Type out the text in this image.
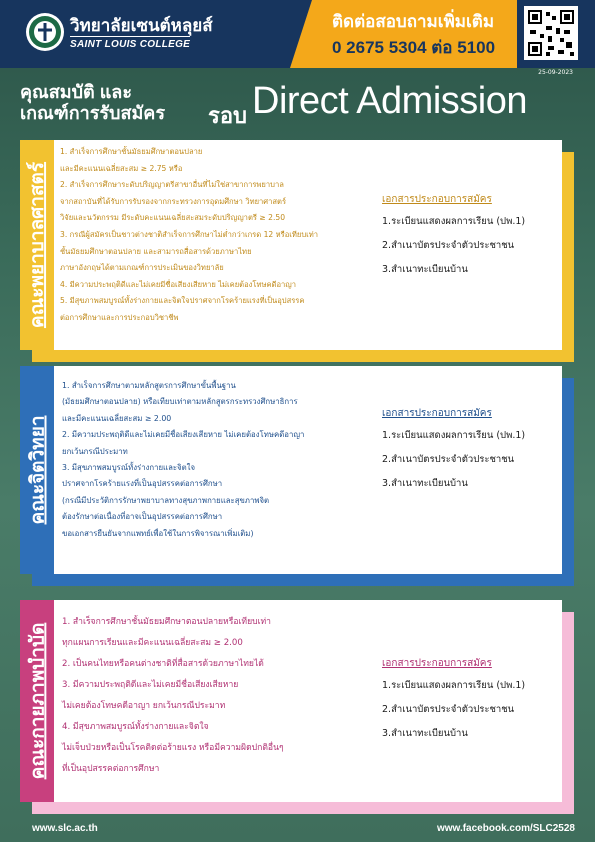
วิทยาลัยเซนต์หลุยส์
SAINT LOUIS COLLEGE
ติดต่อสอบถามเพิ่มเติม
0 2675 5304 ต่อ 5100
25-09-2023
คุณสมบัติ และ
เกณฑ์การรับสมัคร	รอบ Direct Admission
คณะพยาบาลศาสตร์
1. สำเร็จการศึกษาชั้นมัธยมศึกษาตอนปลาย
และมีคะแนนเฉลี่ยสะสม ≥ 2.75 หรือ
2. สำเร็จการศึกษาระดับปริญญาตรีสาขาอื่นที่ไม่ใช่สาขาการพยาบาล
จากสถาบันที่ได้รับการรับรองจากกระทรวงการอุดมศึกษา วิทยาศาสตร์
วิจัยและนวัตกรรม มีระดับคะแนนเฉลี่ยสะสมระดับปริญญาตรี ≥ 2.50
3. กรณีผู้สมัครเป็นชาวต่างชาติสำเร็จการศึกษาไม่ต่ำกว่าเกรด 12 หรือเทียบเท่า
ชั้นมัธยมศึกษาตอนปลาย และสามารถสื่อสารด้วยภาษาไทย
ภาษาอังกฤษได้ตามเกณฑ์การประเมินของวิทยาลัย
4. มีความประพฤติดีและไม่เคยมีชื่อเสียงเสียหาย ไม่เคยต้องโทษคดีอาญา
5. มีสุขภาพสมบูรณ์ทั้งร่างกายและจิตใจปราศจากโรคร้ายแรงที่เป็นอุปสรรค
ต่อการศึกษาและการประกอบวิชาชีพ
เอกสารประกอบการสมัคร
1.ระเบียนแสดงผลการเรียน (ปพ.1)
2.สำเนาบัตรประจำตัวประชาชน
3.สำเนาทะเบียนบ้าน
คณะจิตวิทยา
1. สำเร็จการศึกษาตามหลักสูตรการศึกษาขั้นพื้นฐาน
(มัธยมศึกษาตอนปลาย) หรือเทียบเท่าตามหลักสูตรกระทรวงศึกษาธิการ
และมีคะแนนเฉลี่ยสะสม ≥ 2.00
2. มีความประพฤติดีและไม่เคยมีชื่อเสียงเสียหาย ไม่เคยต้องโทษคดีอาญา
ยกเว้นกรณีประมาท
3. มีสุขภาพสมบูรณ์ทั้งร่างกายและจิตใจ
ปราศจากโรคร้ายแรงที่เป็นอุปสรรคต่อการศึกษา
(กรณีมีประวัติการรักษาพยาบาลทางสุขภาพกายและสุขภาพจิต
ต้องรักษาต่อเนื่องที่อาจเป็นอุปสรรคต่อการศึกษา
ขอเอกสารยืนยันจากแพทย์เพื่อใช้ในการพิจารณาเพิ่มเติม)
เอกสารประกอบการสมัคร
1.ระเบียนแสดงผลการเรียน (ปพ.1)
2.สำเนาบัตรประจำตัวประชาชน
3.สำเนาทะเบียนบ้าน
คณะกายภาพบำบัด
1. สำเร็จการศึกษาชั้นมัธยมศึกษาตอนปลายหรือเทียบเท่า
ทุกแผนการเรียนและมีคะแนนเฉลี่ยสะสม ≥ 2.00
2. เป็นคนไทยหรือคนต่างชาติที่สื่อสารด้วยภาษาไทยได้
3. มีความประพฤติดีและไม่เคยมีชื่อเสียงเสียหาย
ไม่เคยต้องโทษคดีอาญา ยกเว้นกรณีประมาท
4. มีสุขภาพสมบูรณ์ทั้งร่างกายและจิตใจ
ไม่เจ็บป่วยหรือเป็นโรคติดต่อร้ายแรง หรือมีความผิดปกติอื่นๆ
ที่เป็นอุปสรรคต่อการศึกษา
เอกสารประกอบการสมัคร
1.ระเบียนแสดงผลการเรียน (ปพ.1)
2.สำเนาบัตรประจำตัวประชาชน
3.สำเนาทะเบียนบ้าน
www.slc.ac.th	www.facebook.com/SLC2528
